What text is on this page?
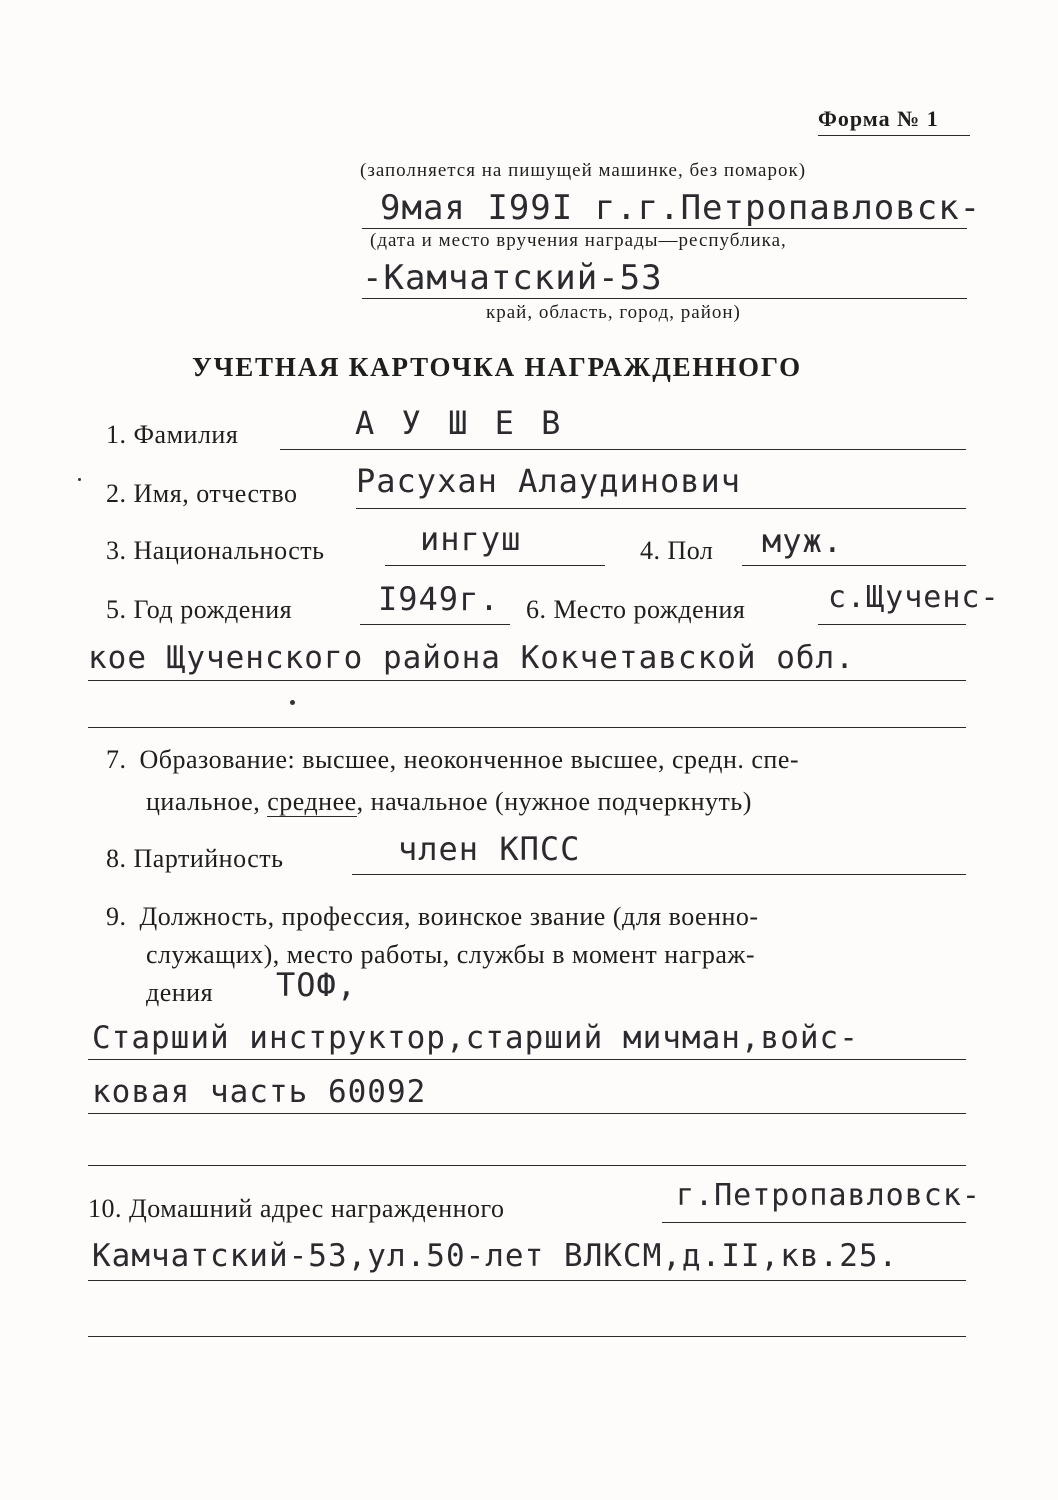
Форма № 1
(заполняется на пишущей машинке, без помарок)
9мая I99I г.г.Петропавловск-
(дата и место вручения награды—республика,
-Камчатский-53
край, область, город, район)
УЧЕТНАЯ КАРТОЧКА НАГРАЖДЕННОГО
1. Фамилия	А У Ш Е В
2. Имя, отчество Расухан Алаудинович
3. Национальность	ингуш	4. Пол муж.
5. Год рождения	I949г. 6. Место рождения	с.Щученс-
кое Щученского района Кокчетавской обл.
7. Образование: высшее, неоконченное высшее, средн. спе-
циальное, среднее, начальное (нужное подчеркнуть)
8. Партийность	член КПСС
9. Должность, профессия, воинское звание (для военно-
служащих), место работы, службы в момент награж-
дения ТОФ,
Старший инструктор,старший мичман,войс-
ковая часть 60092
10. Домашний адрес награжденного	г.Петропавловск-
Камчатский-53,ул.50-лет ВЛКСМ,д.II,кв.25.
